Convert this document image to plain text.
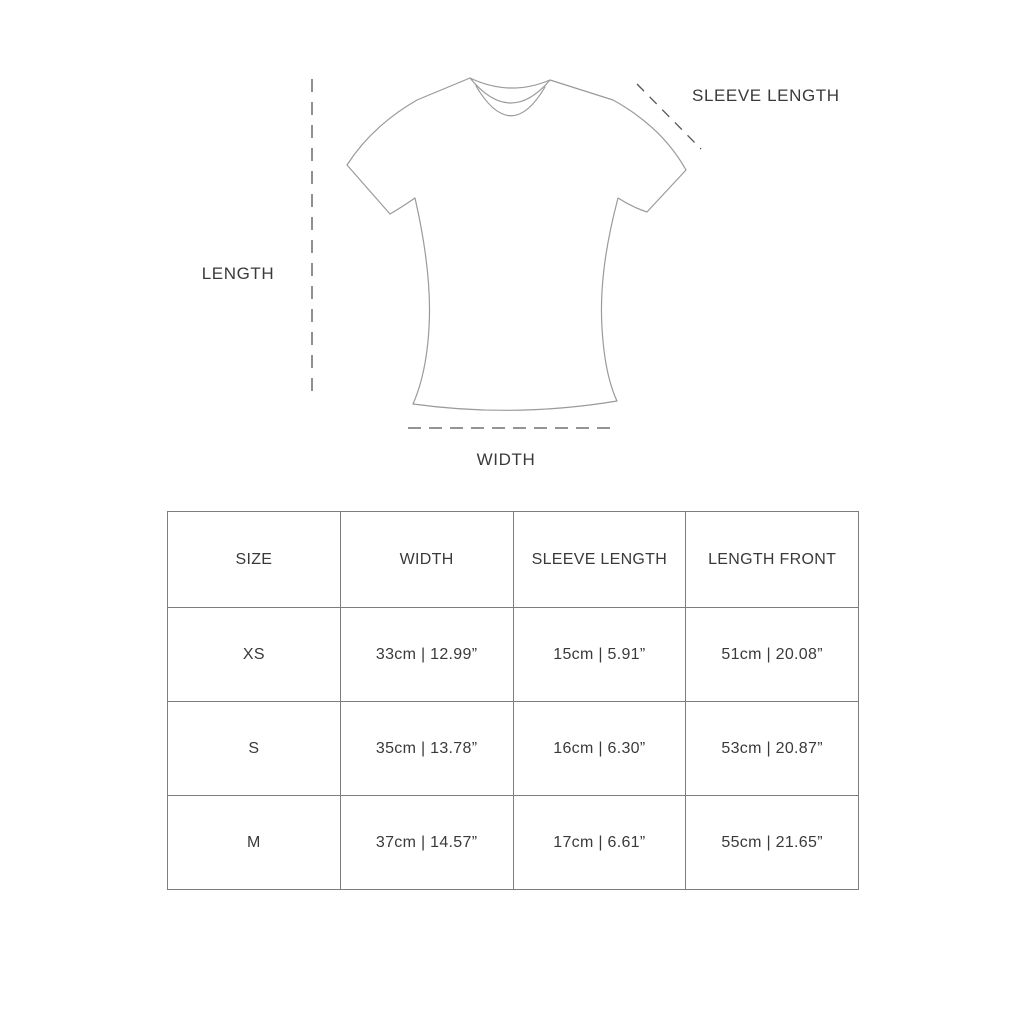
LENGTH
SLEEVE LENGTH
WIDTH
SIZE	WIDTH	SLEEVE LENGTH	LENGTH FRONT
XS	33cm | 12.99”	15cm | 5.91”	51cm | 20.08”
S	35cm | 13.78”	16cm | 6.30”	53cm | 20.87”
M	37cm | 14.57”	17cm | 6.61”	55cm | 21.65”
